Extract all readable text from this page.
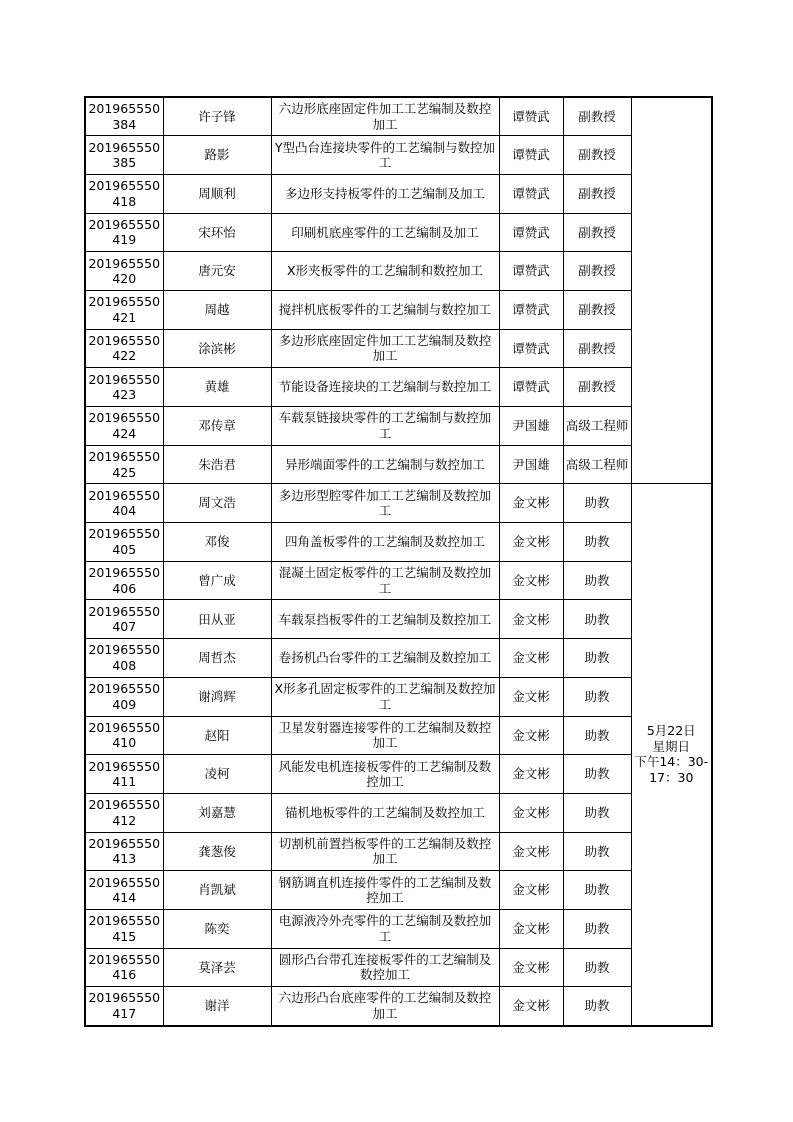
201965550384	许子锋	六边形底座固定件加工工艺编制及数控加工	谭赞武	副教授	
201965550385	路影	Y型凸台连接块零件的工艺编制与数控加工	谭赞武	副教授	
201965550418	周顺利	多边形支持板零件的工艺编制及加工	谭赞武	副教授	
201965550419	宋环怡	印刷机底座零件的工艺编制及加工	谭赞武	副教授	
201965550420	唐元安	X形夹板零件的工艺编制和数控加工	谭赞武	副教授	
201965550421	周越	搅拌机底板零件的工艺编制与数控加工	谭赞武	副教授	
201965550422	涂滨彬	多边形底座固定件加工工艺编制及数控加工	谭赞武	副教授	
201965550423	黄雄	节能设备连接块的工艺编制与数控加工	谭赞武	副教授	
201965550424	邓传章	车载泵链接块零件的工艺编制与数控加工	尹国雄	高级工程师	
201965550425	朱浩君	异形端面零件的工艺编制与数控加工	尹国雄	高级工程师	
201965550404	周文浩	多边形型腔零件加工工艺编制及数控加工	金文彬	助教	5月22日
星期日
下午14：30-17：30

201965550405	邓俊	四角盖板零件的工艺编制及数控加工	金文彬	助教	
201965550406	曾广成	混凝土固定板零件的工艺编制及数控加工	金文彬	助教	
201965550407	田从亚	车载泵挡板零件的工艺编制及数控加工	金文彬	助教	
201965550408	周哲杰	卷扬机凸台零件的工艺编制及数控加工	金文彬	助教	
201965550409	谢鸿辉	X形多孔固定板零件的工艺编制及数控加工	金文彬	助教	
201965550410	赵阳	卫星发射器连接零件的工艺编制及数控加工	金文彬	助教	
201965550411	凌柯	风能发电机连接板零件的工艺编制及数控加工	金文彬	助教	
201965550412	刘嘉慧	锚机地板零件的工艺编制及数控加工	金文彬	助教	
201965550413	龚葱俊	切割机前置挡板零件的工艺编制及数控加工	金文彬	助教	
201965550414	肖凯斌	钢筋调直机连接件零件的工艺编制及数控加工	金文彬	助教	
201965550415	陈奕	电源液冷外壳零件的工艺编制及数控加工	金文彬	助教	
201965550416	莫泽芸	圆形凸台带孔连接板零件的工艺编制及数控加工	金文彬	助教	
201965550417	谢洋	六边形凸台底座零件的工艺编制及数控加工	金文彬	助教	
